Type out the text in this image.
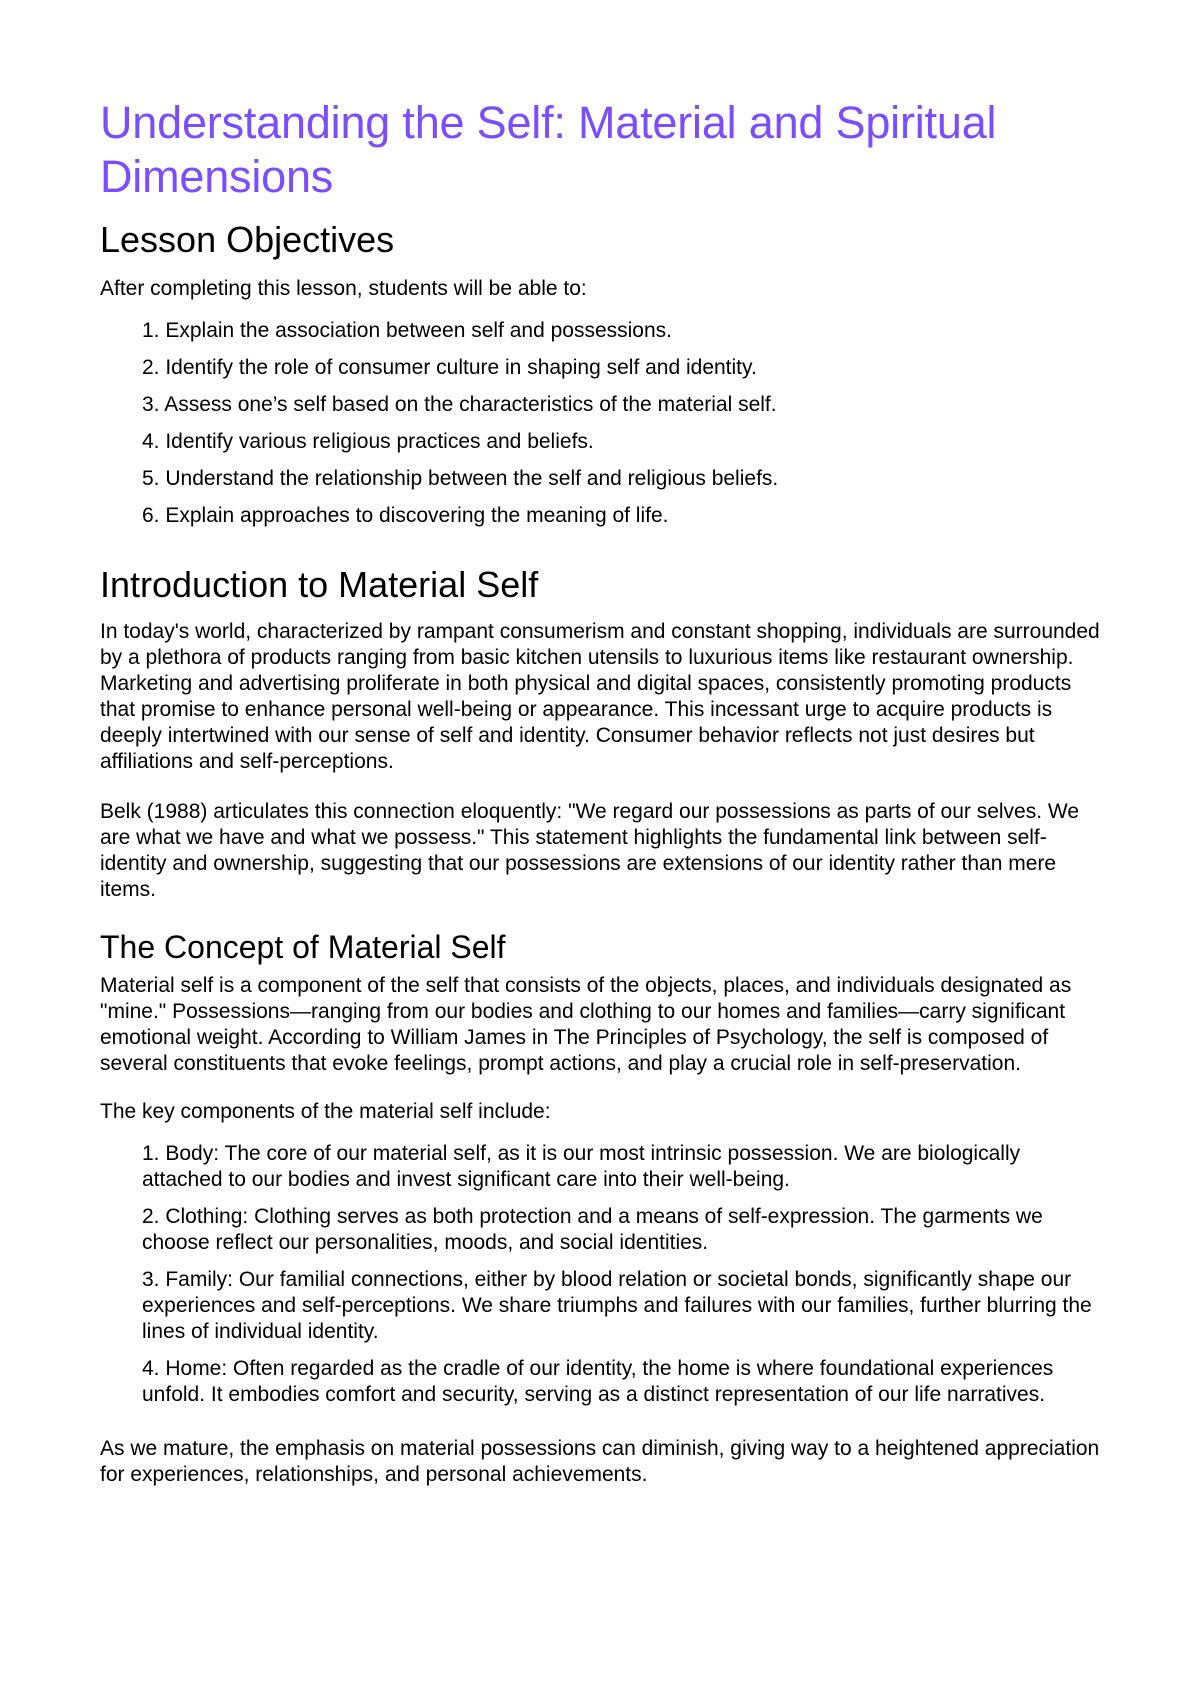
Understanding the Self: Material and Spiritual Dimensions
Lesson Objectives

After completing this lesson, students will be able to:

1. Explain the association between self and possessions.
2. Identify the role of consumer culture in shaping self and identity.
3. Assess one’s self based on the characteristics of the material self.
4. Identify various religious practices and beliefs.
5. Understand the relationship between the self and religious beliefs.
6. Explain approaches to discovering the meaning of life.
Introduction to Material Self

In today's world, characterized by rampant consumerism and constant shopping, individuals are surrounded by a plethora of products ranging from basic kitchen utensils to luxurious items like restaurant ownership. Marketing and advertising proliferate in both physical and digital spaces, consistently promoting products that promise to enhance personal well-being or appearance. This incessant urge to acquire products is deeply intertwined with our sense of self and identity. Consumer behavior reflects not just desires but affiliations and self-perceptions.

Belk (1988) articulates this connection eloquently: "We regard our possessions as parts of our selves. We are what we have and what we possess." This statement highlights the fundamental link between self-identity and ownership, suggesting that our possessions are extensions of our identity rather than mere items.

The Concept of Material Self

Material self is a component of the self that consists of the objects, places, and individuals designated as "mine." Possessions—ranging from our bodies and clothing to our homes and families—carry significant emotional weight. According to William James in The Principles of Psychology, the self is composed of several constituents that evoke feelings, prompt actions, and play a crucial role in self-preservation.

The key components of the material self include:

1. Body: The core of our material self, as it is our most intrinsic possession. We are biologically attached to our bodies and invest significant care into their well-being.
2. Clothing: Clothing serves as both protection and a means of self-expression. The garments we choose reflect our personalities, moods, and social identities.
3. Family: Our familial connections, either by blood relation or societal bonds, significantly shape our experiences and self-perceptions. We share triumphs and failures with our families, further blurring the lines of individual identity.
4. Home: Often regarded as the cradle of our identity, the home is where foundational experiences unfold. It embodies comfort and security, serving as a distinct representation of our life narratives.

As we mature, the emphasis on material possessions can diminish, giving way to a heightened appreciation for experiences, relationships, and personal achievements.
